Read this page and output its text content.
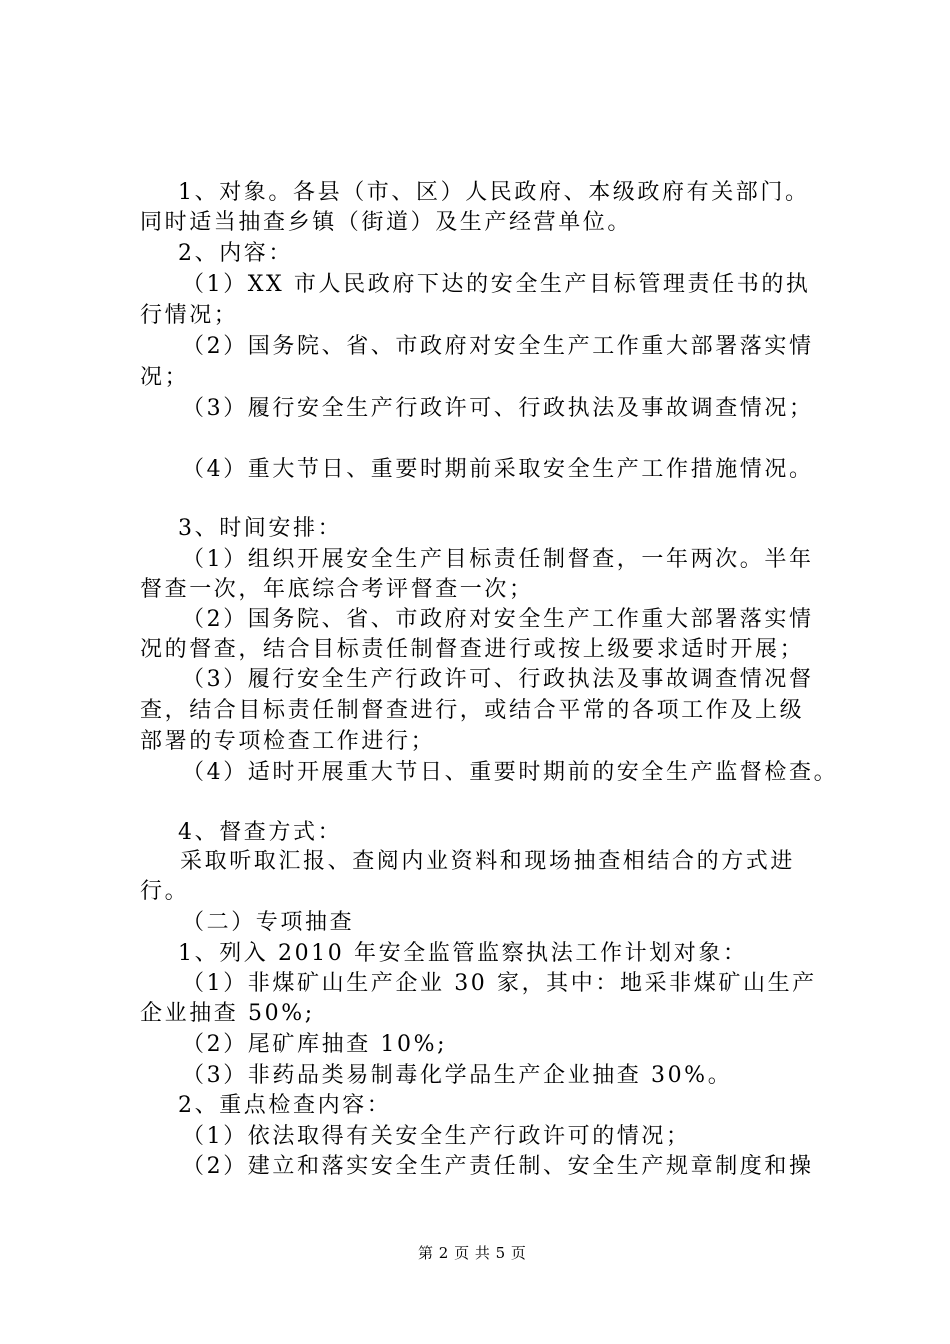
1、对象。各县（市、区）人民政府、本级政府有关部门。
同时适当抽查乡镇（街道）及生产经营单位。
2、内容：
（1）XX 市人民政府下达的安全生产目标管理责任书的执
行情况；
（2）国务院、省、市政府对安全生产工作重大部署落实情
况；
（3）履行安全生产行政许可、行政执法及事故调查情况；
（4）重大节日、重要时期前采取安全生产工作措施情况。
3、时间安排：
（1）组织开展安全生产目标责任制督查，一年两次。半年
督查一次，年底综合考评督查一次；
（2）国务院、省、市政府对安全生产工作重大部署落实情
况的督查，结合目标责任制督查进行或按上级要求适时开展；
（3）履行安全生产行政许可、行政执法及事故调查情况督
查，结合目标责任制督查进行，或结合平常的各项工作及上级
部署的专项检查工作进行；
（4）适时开展重大节日、重要时期前的安全生产监督检查。
4、督查方式：
采取听取汇报、查阅内业资料和现场抽查相结合的方式进
行。
（二）专项抽查
1、列入 2010 年安全监管监察执法工作计划对象：
（1）非煤矿山生产企业 30 家，其中：地采非煤矿山生产
企业抽查 50%;
（2）尾矿库抽查 10%;
（3）非药品类易制毒化学品生产企业抽查 30%。
2、重点检查内容：
（1）依法取得有关安全生产行政许可的情况；
（2）建立和落实安全生产责任制、安全生产规章制度和操
第 2 页 共 5 页
